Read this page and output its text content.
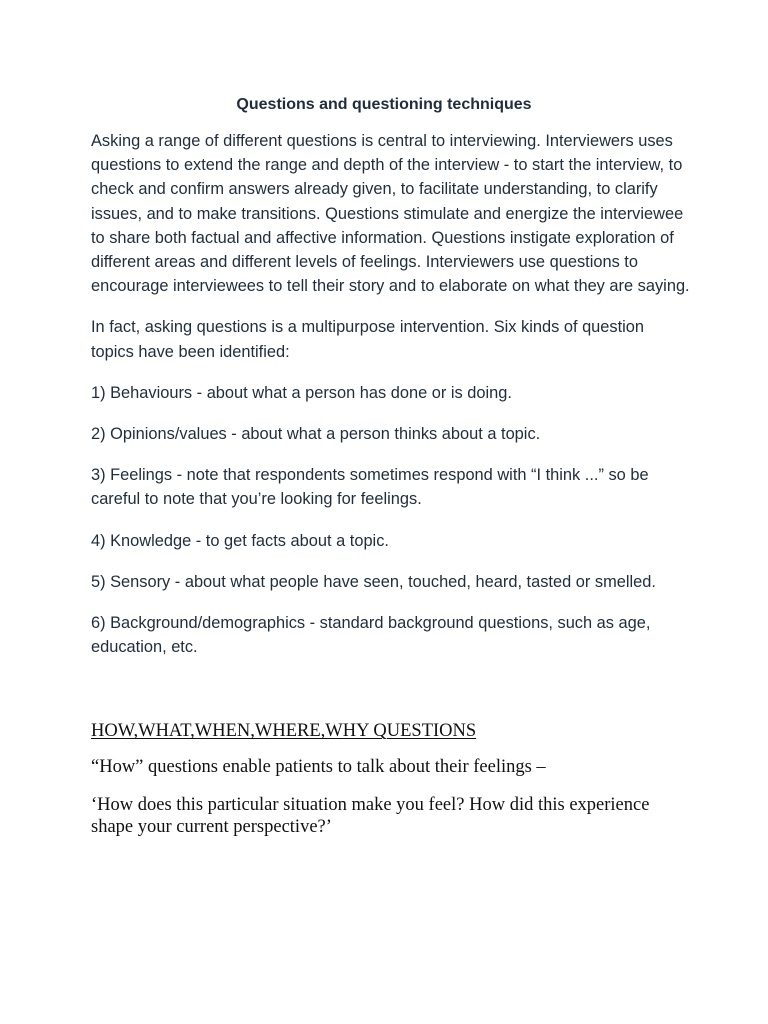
Questions and questioning techniques

Asking a range of different questions is central to interviewing. Interviewers uses questions to extend the range and depth of the interview - to start the interview, to check and confirm answers already given, to facilitate understanding, to clarify issues, and to make transitions. Questions stimulate and energize the interviewee to share both factual and affective information. Questions instigate exploration of different areas and different levels of feelings. Interviewers use questions to encourage interviewees to tell their story and to elaborate on what they are saying.

In fact, asking questions is a multipurpose intervention. Six kinds of question topics have been identified:

1) Behaviours - about what a person has done or is doing.

2) Opinions/values - about what a person thinks about a topic.

3) Feelings - note that respondents sometimes respond with “I think ...” so be careful to note that you’re looking for feelings.

4) Knowledge - to get facts about a topic.

5) Sensory - about what people have seen, touched, heard, tasted or smelled.

6) Background/demographics - standard background questions, such as age, education, etc.

HOW,WHAT,WHEN,WHERE,WHY QUESTIONS

“How” questions enable patients to talk about their feelings –

‘How does this particular situation make you feel? How did this experience shape your current perspective?’
